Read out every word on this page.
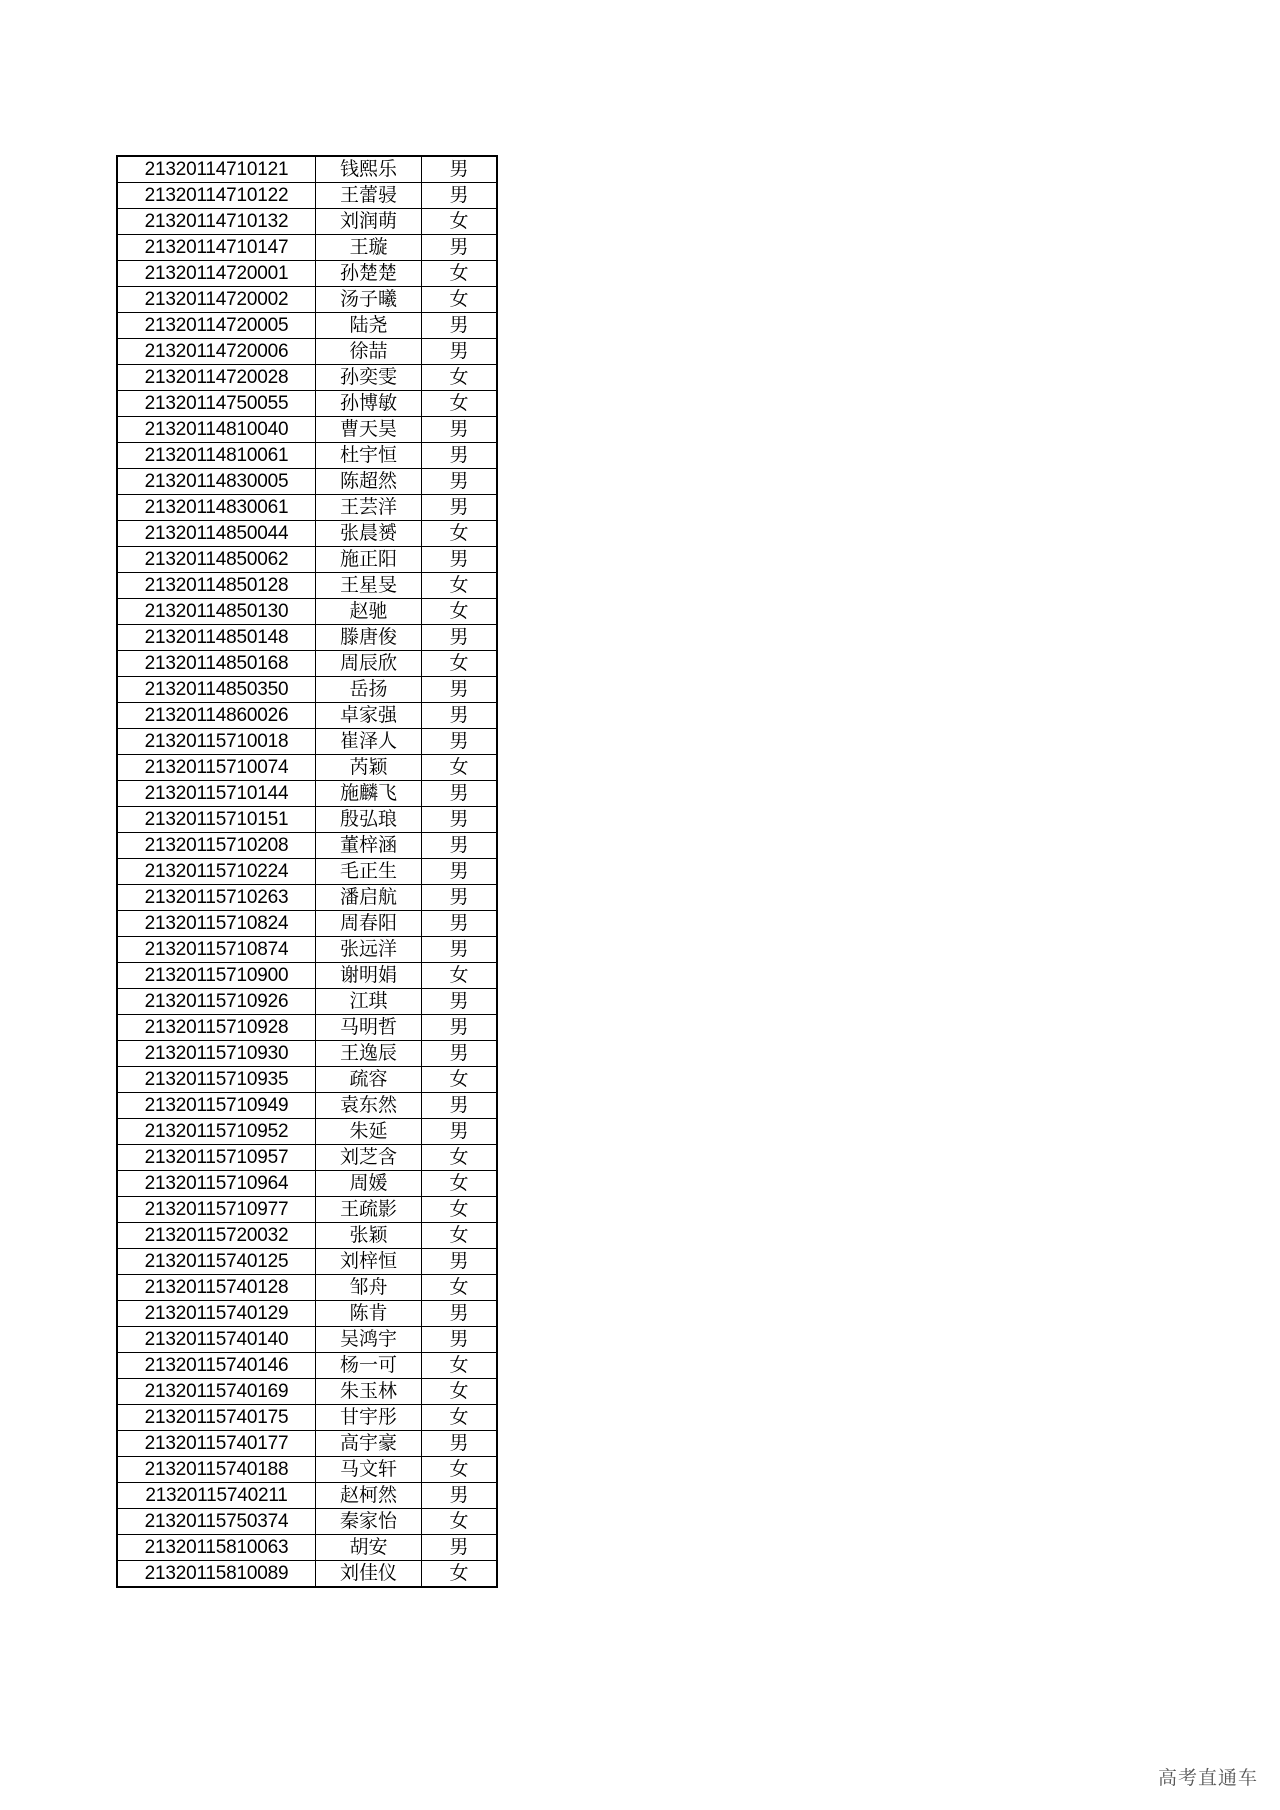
21320114710121	钱熙乐	男
21320114710122	王蕾骎	男
21320114710132	刘润萌	女
21320114710147	王璇	男
21320114720001	孙楚楚	女
21320114720002	汤子曦	女
21320114720005	陆尧	男
21320114720006	徐喆	男
21320114720028	孙奕雯	女
21320114750055	孙博敏	女
21320114810040	曹天昊	男
21320114810061	杜宇恒	男
21320114830005	陈超然	男
21320114830061	王芸洋	男
21320114850044	张晨赟	女
21320114850062	施正阳	男
21320114850128	王星旻	女
21320114850130	赵驰	女
21320114850148	滕唐俊	男
21320114850168	周辰欣	女
21320114850350	岳扬	男
21320114860026	卓家强	男
21320115710018	崔泽人	男
21320115710074	芮颖	女
21320115710144	施麟飞	男
21320115710151	殷弘琅	男
21320115710208	董梓涵	男
21320115710224	毛正生	男
21320115710263	潘启航	男
21320115710824	周春阳	男
21320115710874	张远洋	男
21320115710900	谢明娟	女
21320115710926	江琪	男
21320115710928	马明哲	男
21320115710930	王逸辰	男
21320115710935	疏容	女
21320115710949	袁东然	男
21320115710952	朱延	男
21320115710957	刘芝含	女
21320115710964	周媛	女
21320115710977	王疏影	女
21320115720032	张颖	女
21320115740125	刘梓恒	男
21320115740128	邹舟	女
21320115740129	陈肯	男
21320115740140	吴鸿宇	男
21320115740146	杨一可	女
21320115740169	朱玉林	女
21320115740175	甘宇彤	女
21320115740177	高宇豪	男
21320115740188	马文轩	女
21320115740211	赵柯然	男
21320115750374	秦家怡	女
21320115810063	胡安	男
21320115810089	刘佳仪	女
高考直通车
